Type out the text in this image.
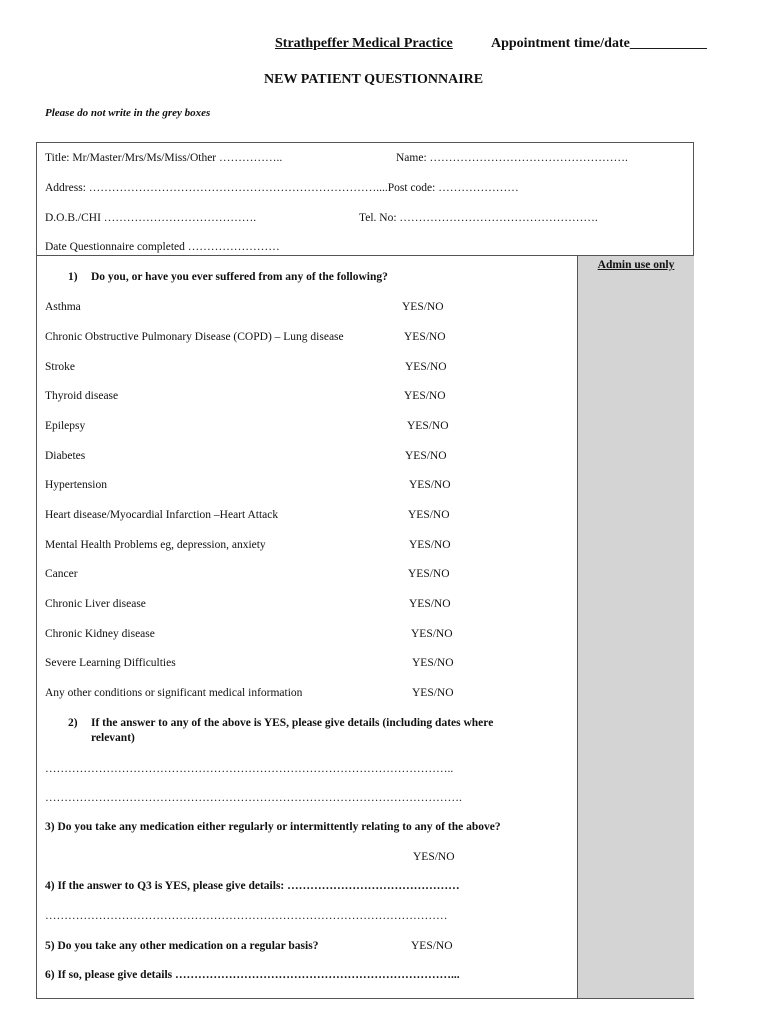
Strathpeffer Medical Practice	Appointment time/date___________
NEW PATIENT QUESTIONNAIRE
Please do not write in the grey boxes
Admin use only
Title: Mr/Master/Mrs/Ms/Miss/Other ……………..	Name: …………………………………………….
Address: …………………………………………………………………....Post code: …………………
D.O.B./CHI ………………………………….	Tel. No: …………………………………………….
Date Questionnaire completed ……………………
1) Do you, or have you ever suffered from any of the following?
Asthma	YES/NO
Chronic Obstructive Pulmonary Disease (COPD) – Lung disease	YES/NO
Stroke	YES/NO
Thyroid disease	YES/NO
Epilepsy	YES/NO
Diabetes	YES/NO
Hypertension	YES/NO
Heart disease/Myocardial Infarction –Heart Attack	YES/NO
Mental Health Problems eg, depression, anxiety	YES/NO
Cancer	YES/NO
Chronic Liver disease	YES/NO
Chronic Kidney disease	YES/NO
Severe Learning Difficulties	YES/NO
Any other conditions or significant medical information	YES/NO
2) If the answer to any of the above is YES, please give details (including dates where
relevant)
……………………………………………………………………………………………..
……………………………………………………………………………………………….
3) Do you take any medication either regularly or intermittently relating to any of the above?
YES/NO
4) If the answer to Q3 is YES, please give details: ………………………………………
……………………………………………………………………………………………
5) Do you take any other medication on a regular basis?	YES/NO
6) If so, please give details ………………………………………………………………...
